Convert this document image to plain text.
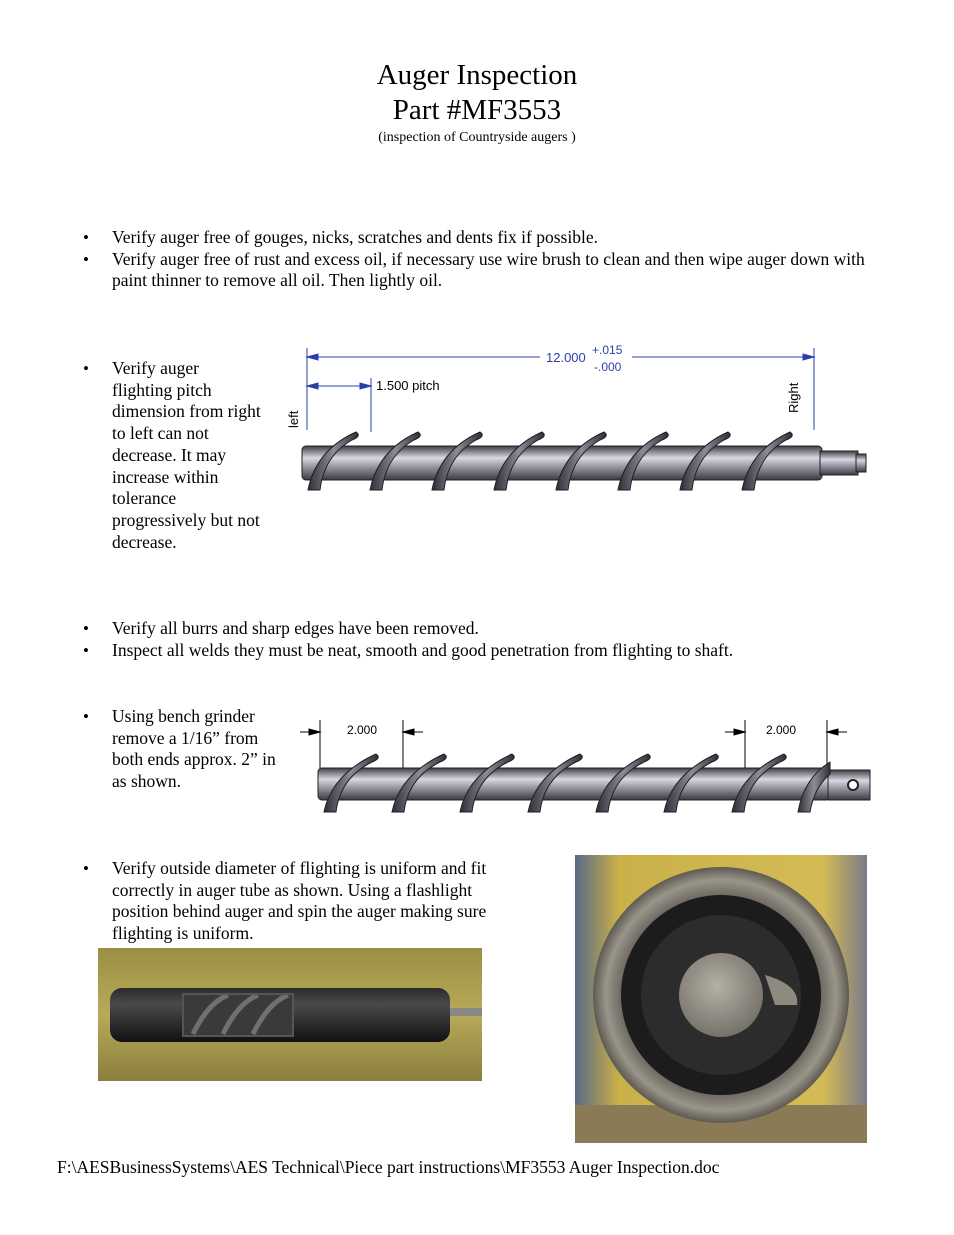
Auger Inspection
Part #MF3553
(inspection of Countryside augers )
• Verify auger free of gouges, nicks, scratches and dents fix if possible.
• Verify auger free of rust and excess oil, if necessary use wire brush to clean and then wipe auger down with paint thinner to remove all oil. Then lightly oil.
• Verify auger flighting pitch dimension from right to left can not decrease. It may increase within tolerance progressively but not decrease.
12.000 +.015
-.000
1.500 pitch
left
Right
• Verify all burrs and sharp edges have been removed.
• Inspect all welds they must be neat, smooth and good penetration from flighting to shaft.
• Using bench grinder remove a 1/16” from both ends approx. 2” in as shown.
2.000	2.000
• Verify outside diameter of flighting is uniform and fit correctly in auger tube as shown. Using a flashlight position behind auger and spin the auger making sure flighting is uniform.
F:\AESBusinessSystems\AES Technical\Piece part instructions\MF3553 Auger Inspection.doc
